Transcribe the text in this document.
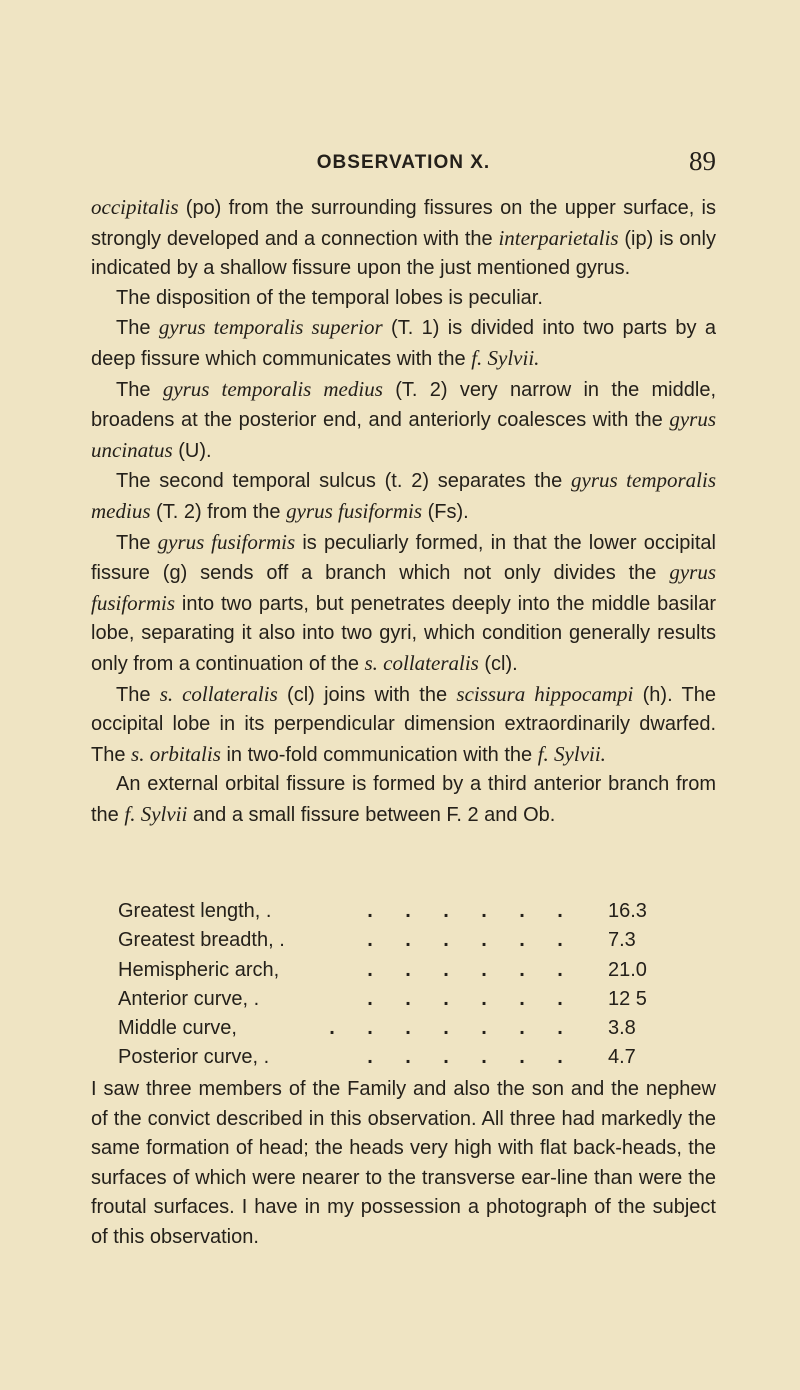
OBSERVATION X.	89

occipitalis (po) from the surrounding fissures on the upper surface, is strongly developed and a connection with the interparietalis (ip) is only indicated by a shallow fissure upon the just mentioned gyrus.

The disposition of the temporal lobes is peculiar.

The gyrus temporalis superior (T. 1) is divided into two parts by a deep fissure which communicates with the f. Sylvii.

The gyrus temporalis medius (T. 2) very narrow in the middle, broadens at the posterior end, and anteriorly coalesces with the gyrus uncinatus (U).

The second temporal sulcus (t. 2) separates the gyrus temporalis medius (T. 2) from the gyrus fusiformis (Fs).

The gyrus fusiformis is peculiarly formed, in that the lower occipital fissure (g) sends off a branch which not only divides the gyrus fusiformis into two parts, but penetrates deeply into the middle basilar lobe, separating it also into two gyri, which condition generally results only from a continuation of the s. collateralis (cl).

The s. collateralis (cl) joins with the scissura hippocampi (h). The occipital lobe in its perpendicular dimension extraordinarily dwarfed. The s. orbitalis in two-fold communication with the f. Sylvii.

An external orbital fissure is formed by a third anterior branch from the f. Sylvii and a small fissure between F. 2 and Ob.

Greatest length, .	. . . . . .	16.3
Greatest breadth, .	. . . . . .	7.3
Hemispheric arch,	. . . . . .	21.0
Anterior curve, .	. . . . . .	12 5
Middle curve,	. . . . . . .	3.8
Posterior curve, .	. . . . . .	4.7

I saw three members of the Family and also the son and the nephew of the convict described in this observation. All three had markedly the same formation of head; the heads very high with flat back-heads, the surfaces of which were nearer to the transverse ear-line than were the froutal surfaces. I have in my possession a photograph of the subject of this observation.
